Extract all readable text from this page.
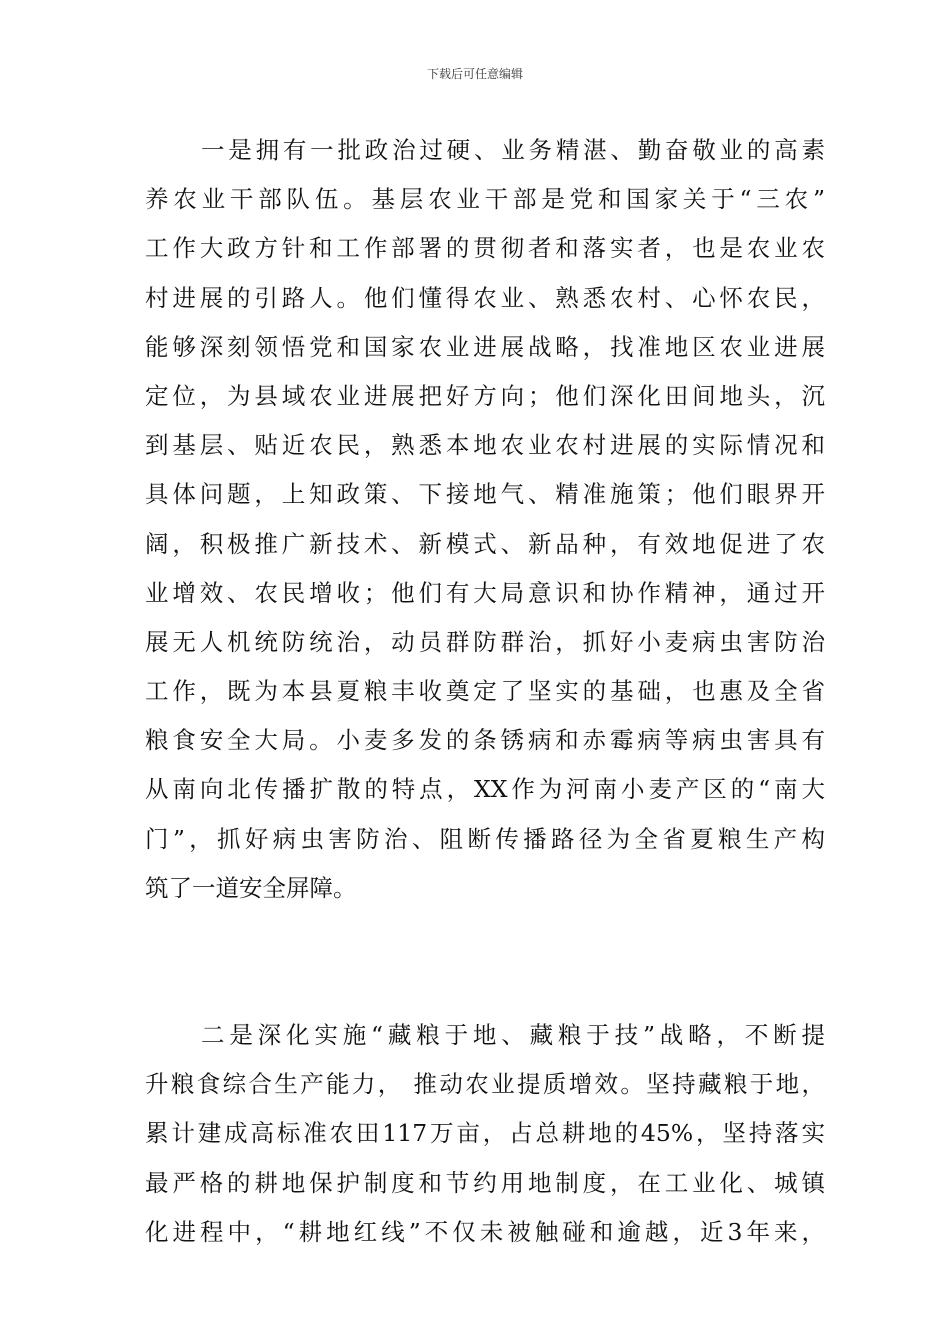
下载后可任意编辑
一是拥有一批政治过硬、业务精湛、勤奋敬业的高素
养农业干部队伍。基层农业干部是党和国家关于“三农”
工作大政方针和工作部署的贯彻者和落实者，也是农业农
村进展的引路人。他们懂得农业、熟悉农村、心怀农民，
能够深刻领悟党和国家农业进展战略，找准地区农业进展
定位，为县域农业进展把好方向；他们深化田间地头，沉
到基层、贴近农民，熟悉本地农业农村进展的实际情况和
具体问题，上知政策、下接地气、精准施策；他们眼界开
阔，积极推广新技术、新模式、新品种，有效地促进了农
业增效、农民增收；他们有大局意识和协作精神，通过开
展无人机统防统治，动员群防群治，抓好小麦病虫害防治
工作，既为本县夏粮丰收奠定了坚实的基础，也惠及全省
粮食安全大局。小麦多发的条锈病和赤霉病等病虫害具有
从南向北传播扩散的特点，XX作为河南小麦产区的“南大
门”，抓好病虫害防治、阻断传播路径为全省夏粮生产构
筑了一道安全屏障。
二是深化实施“藏粮于地、藏粮于技”战略，不断提
升粮食综合生产能力， 推动农业提质增效。坚持藏粮于地，
累计建成高标准农田117万亩，占总耕地的45%，坚持落实
最严格的耕地保护制度和节约用地制度，在工业化、城镇
化进程中，“耕地红线”不仅未被触碰和逾越，近3年来，
